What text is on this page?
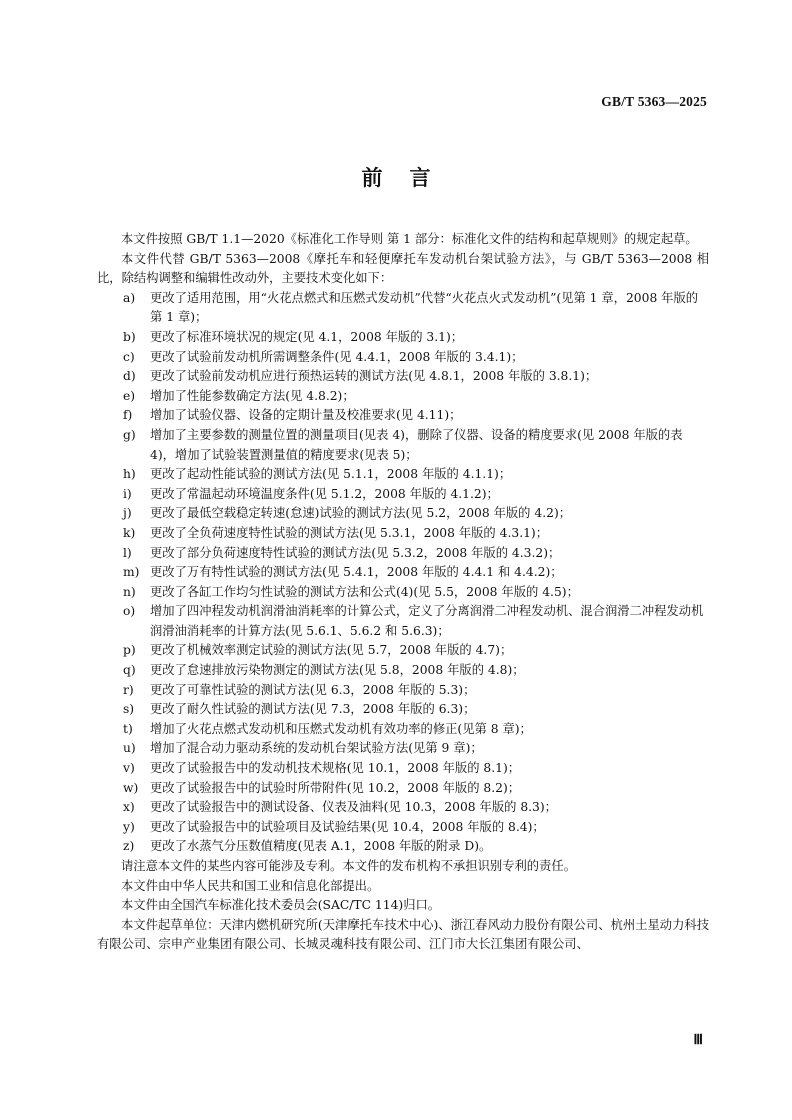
GB/T 5363—2025
前言

本文件按照 GB/T 1.1—2020《标准化工作导则 第 1 部分：标准化文件的结构和起草规则》的规定起草。

本文件代替 GB/T 5363—2008《摩托车和轻便摩托车发动机台架试验方法》，与 GB/T 5363—2008 相比，除结构调整和编辑性改动外，主要技术变化如下：

a) 更改了适用范围，用“火花点燃式和压燃式发动机”代替“火花点火式发动机”(见第 1 章，2008 年版的第 1 章)；

b) 更改了标准环境状况的规定(见 4.1，2008 年版的 3.1)；

c) 更改了试验前发动机所需调整条件(见 4.4.1，2008 年版的 3.4.1)；

d) 更改了试验前发动机应进行预热运转的测试方法(见 4.8.1，2008 年版的 3.8.1)；

e) 增加了性能参数确定方法(见 4.8.2)；

f) 增加了试验仪器、设备的定期计量及校准要求(见 4.11)；

g) 增加了主要参数的测量位置的测量项目(见表 4)，删除了仪器、设备的精度要求(见 2008 年版的表 4)，增加了试验装置测量值的精度要求(见表 5)；

h) 更改了起动性能试验的测试方法(见 5.1.1，2008 年版的 4.1.1)；

i) 更改了常温起动环境温度条件(见 5.1.2，2008 年版的 4.1.2)；

j) 更改了最低空载稳定转速(怠速)试验的测试方法(见 5.2，2008 年版的 4.2)；

k) 更改了全负荷速度特性试验的测试方法(见 5.3.1，2008 年版的 4.3.1)；

l) 更改了部分负荷速度特性试验的测试方法(见 5.3.2，2008 年版的 4.3.2)；

m) 更改了万有特性试验的测试方法(见 5.4.1，2008 年版的 4.4.1 和 4.4.2)；

n) 更改了各缸工作均匀性试验的测试方法和公式(4)(见 5.5，2008 年版的 4.5)；

o) 增加了四冲程发动机润滑油消耗率的计算公式，定义了分离润滑二冲程发动机、混合润滑二冲程发动机润滑油消耗率的计算方法(见 5.6.1、5.6.2 和 5.6.3)；

p) 更改了机械效率测定试验的测试方法(见 5.7，2008 年版的 4.7)；

q) 更改了怠速排放污染物测定的测试方法(见 5.8，2008 年版的 4.8)；

r) 更改了可靠性试验的测试方法(见 6.3，2008 年版的 5.3)；

s) 更改了耐久性试验的测试方法(见 7.3，2008 年版的 6.3)；

t) 增加了火花点燃式发动机和压燃式发动机有效功率的修正(见第 8 章)；

u) 增加了混合动力驱动系统的发动机台架试验方法(见第 9 章)；

v) 更改了试验报告中的发动机技术规格(见 10.1，2008 年版的 8.1)；

w) 更改了试验报告中的试验时所带附件(见 10.2，2008 年版的 8.2)；

x) 更改了试验报告中的测试设备、仪表及油料(见 10.3，2008 年版的 8.3)；

y) 更改了试验报告中的试验项目及试验结果(见 10.4，2008 年版的 8.4)；

z) 更改了水蒸气分压数值精度(见表 A.1，2008 年版的附录 D)。

请注意本文件的某些内容可能涉及专利。本文件的发布机构不承担识别专利的责任。

本文件由中华人民共和国工业和信息化部提出。

本文件由全国汽车标准化技术委员会(SAC/TC 114)归口。

本文件起草单位：天津内燃机研究所(天津摩托车技术中心)、浙江春风动力股份有限公司、杭州土星动力科技有限公司、宗申产业集团有限公司、长城灵魂科技有限公司、江门市大长江集团有限公司、

Ⅲ
